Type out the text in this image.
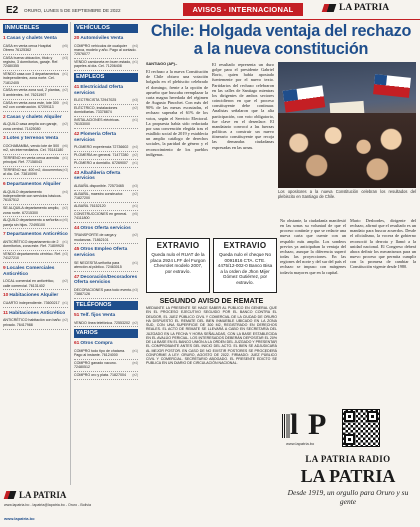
E2	ORURO, LUNES 5 DE SEPTIEMBRE DE 2022	AVISOS - INTERNACIONAL	LA PATRIA
INMUEBLES
1Casas y chalets Venta
(e5)
CASA en venta cerca Hospital Obrero 76125362
(e3)
CASA buena ubicación, título y registro, 3 dormitorios, garaje. Ref. 72480355
(e1)
VENDO casa con 3 departamentos independientes, zona norte. Cel. 71812405
(e2)
CASA en venta zona sud, 2 plantas, 5 ambientes. Inf. 76211907
(e4)
CASA en venta zona este, lote 300 m2 con construcción. 67209113
2Casas y chalets Alquiler
(e2)
ALQUILO casa amplia con garaje, zona central. 71425080
3Lotes y terrenos Venta
(e6)
COCHABAMBA, vendo lote de 500 m2, sin intermediarios. Cel. 76141180
(e1)
TERRENO en venta cerca avenida principal. Ref. 77158043
(e3)
TERRENO sur, 400 m2, documentos al día. Cel. 73810090
6Departamentos Alquiler
(e4)
ALQUILO departamento independiente con servicios básicos. 76157512
(e2)
SE ALQUILA departamento amplio, zona norte. 67215300
(e5)
ALQUILO departamento a señorita o pareja sin hijos. 72495100
7Departamentos Anticrético
(e1)
ANTICRÉTICO departamento de 2 dormitorios, zona este. Ref. 71809920
(e3)
VENDO departamento céntrico. Ref. 74127210
9Locales Comerciales Anticrético
(e2)
LOCAL comercial en anticrético, calle comercial. 76131402
10Habitaciones Alquiler
(e1)
CUARTO independiente. 73600217
11Habitaciones Anticrético
(e2)
ANTICRÉTICO habitación con baño privado. 76417988
VEHÍCULOS
20Automóviles Venta
(e4)
COMPRO vehículos de cualquier marca, modelo y año. Pago al contado. 72576077
(e1)
VENDO camioneta en buen estado, papeles al día. Cel. 71206408
EMPLEOS
41Electricidad Oferta servicios
(e3)
ELECTRICISTA 72947025
(e2)
ELÉCTRICO, instalaciones domiciliarias. 73378874
(e1)
INSTALACIONES eléctricas. 76153000
42Plomería Oferta servicios
(e4)
PLOMERO experiencia 72736602
(e2)
PLOMERÍA en general. 71477280
(e1)
PLOMERO a domicilio. 67269007
43Albañilería Oferta servicios
(e3)
ALBAÑIL disponible. 72573465
(e2)
ALBAÑIL, maestro constructor. 71827200
(e1)
ALBAÑIL 76152120
(e5)
CONSTRUCCIONES en general. 74111800
44Otros Oferta servicios
(e2)
TRANSPORTE de carga y mudanzas. 71862101
45Otros Empleo Oferta servicios
(e1)
SE NECESITA señorita para atención al público. 72463015
47Decoración/Decoradores Oferta servicios
(e3)
DECORACIONES para todo evento. 73887126
TELÉFONOS
51Telf. fijos Venta
(e2)
VENDO línea telefónica. 72553202
VARIOS
61Otros Compra
(e1)
COMPRO todo tipo de chatarra. Pago al instante. 76124000
(e4)
COMPRO ganado vacuno. 72480512
(e2)
COMPRO oro y plata. 71827004
LA PATRIA
www.lapatria.bo - lapatria@lapatria.bo - Oruro - Bolivia
www.lapatria.bo
Chile: Holgada ventaja del rechazo a la nueva constitución
SANTIAGO (AP).-
El rechazo a la nueva Constitución de Chile obtuvo una votación holgada en el plebiscito celebrado el domingo, frente a la opción de apruebo que buscaba reemplazar la carta magna heredada del régimen de Augusto Pinochet. Con más del 90% de las mesas escrutadas, el rechazo superaba el 61% de los votos, según el Servicio Electoral. La propuesta había sido redactada por una convención elegida tras el estallido social de 2019 y establecía un amplio catálogo de derechos sociales, la paridad de género y el reconocimiento de los pueblos indígenas.
El resultado representa un duro golpe para el presidente Gabriel Boric, quien había apostado fuertemente por el nuevo texto. Partidarios del rechazo celebraron en las calles de Santiago mientras los dirigentes de ambos sectores coincidieron en que el proceso constituyente debe continuar. Analistas señalaron que la alta participación, con voto obligatorio, fue clave en el desenlace. El mandatario convocó a las fuerzas políticas a construir un nuevo itinerario constituyente que recoja las demandas ciudadanas expresadas en las urnas.
Los opositores a la nueva Constitución celebran los resultados del plebiscito en Santiago de Chile.
No obstante, la ciudadanía manifestó en las urnas su voluntad de que el proceso continúe y que se redacte una nueva carta que cuente con un respaldo más amplio. Los sondeos previos ya anticipaban la ventaja del rechazo, aunque la diferencia superó todas las proyecciones. En las regiones del norte y del sur del país el rechazo se impuso con márgenes todavía mayores que en la capital.
Mario Desbordes, dirigente del rechazo, afirmó que el resultado es un mandato para buscar acuerdos. Desde el oficialismo, la vocera de gobierno reconoció la derrota y llamó a la unidad nacional. El Congreso deberá ahora definir los mecanismos para un nuevo proceso que permita cumplir con la promesa de cambiar la Constitución vigente desde 1980.
EXTRAVIO
Queda nulo el RUAT de la placa 2924 LFF del Furgon Chevrolet modelo 2007, por extravío.
EXTRAVIO
Queda nulo el cheque No 0091816 CTA. CTE. 4475/12-002-0 Banco Bisa a la orden de Jhon Mijer Gómez Gutiérrez, por extravío.
SEGUNDO AVISO DE REMATE
MEDIANTE LA PRESENTE SE HACE SABER AL PÚBLICO EN GENERAL QUE EN EL PROCESO EJECUTIVO SEGUIDO POR EL BANCO CONTRA EL DEUDOR, EL JUEZ PÚBLICO CIVIL Y COMERCIAL DE LA CIUDAD DE ORURO HA DISPUESTO EL REMATE DEL BIEN INMUEBLE UBICADO EN LA ZONA SUD, CON UNA SUPERFICIE DE 300 M2, REGISTRADO EN DERECHOS REALES. EL ACTO DE REMATE SE LLEVARÁ A CABO EN SECRETARÍA DEL JUZGADO EN LA FECHA Y HORA SEÑALADAS, CON LA BASE ESTABLECIDA EN EL AVALÚO PERICIAL. LOS INTERESADOS DEBERÁN DEPOSITAR EL 20% DE LA BASE EN EL BANCO UNIÓN A LA ORDEN DEL JUZGADO Y PRESENTAR EL COMPROBANTE ANTES DEL INICIO DEL ACTO. EL BIEN SE ADJUDICARÁ AL MEJOR POSTOR. EN CASO DE NO EXISTIR POSTORES SE PROCEDERÁ CONFORME A LEY. ORURO, AGOSTO DE 2022. FIRMADO: JUEZ PÚBLICO CIVIL Y COMERCIAL. SECRETARIO ABOGADO. EL PRESENTE EDICTO SE PUBLICA EN UN DIARIO DE CIRCULACIÓN NACIONAL.
l P
www.lapatria.bo
LA PATRIA RADIO
LA PATRIA
Desde 1919, un orgullo para Oruro y su gente
